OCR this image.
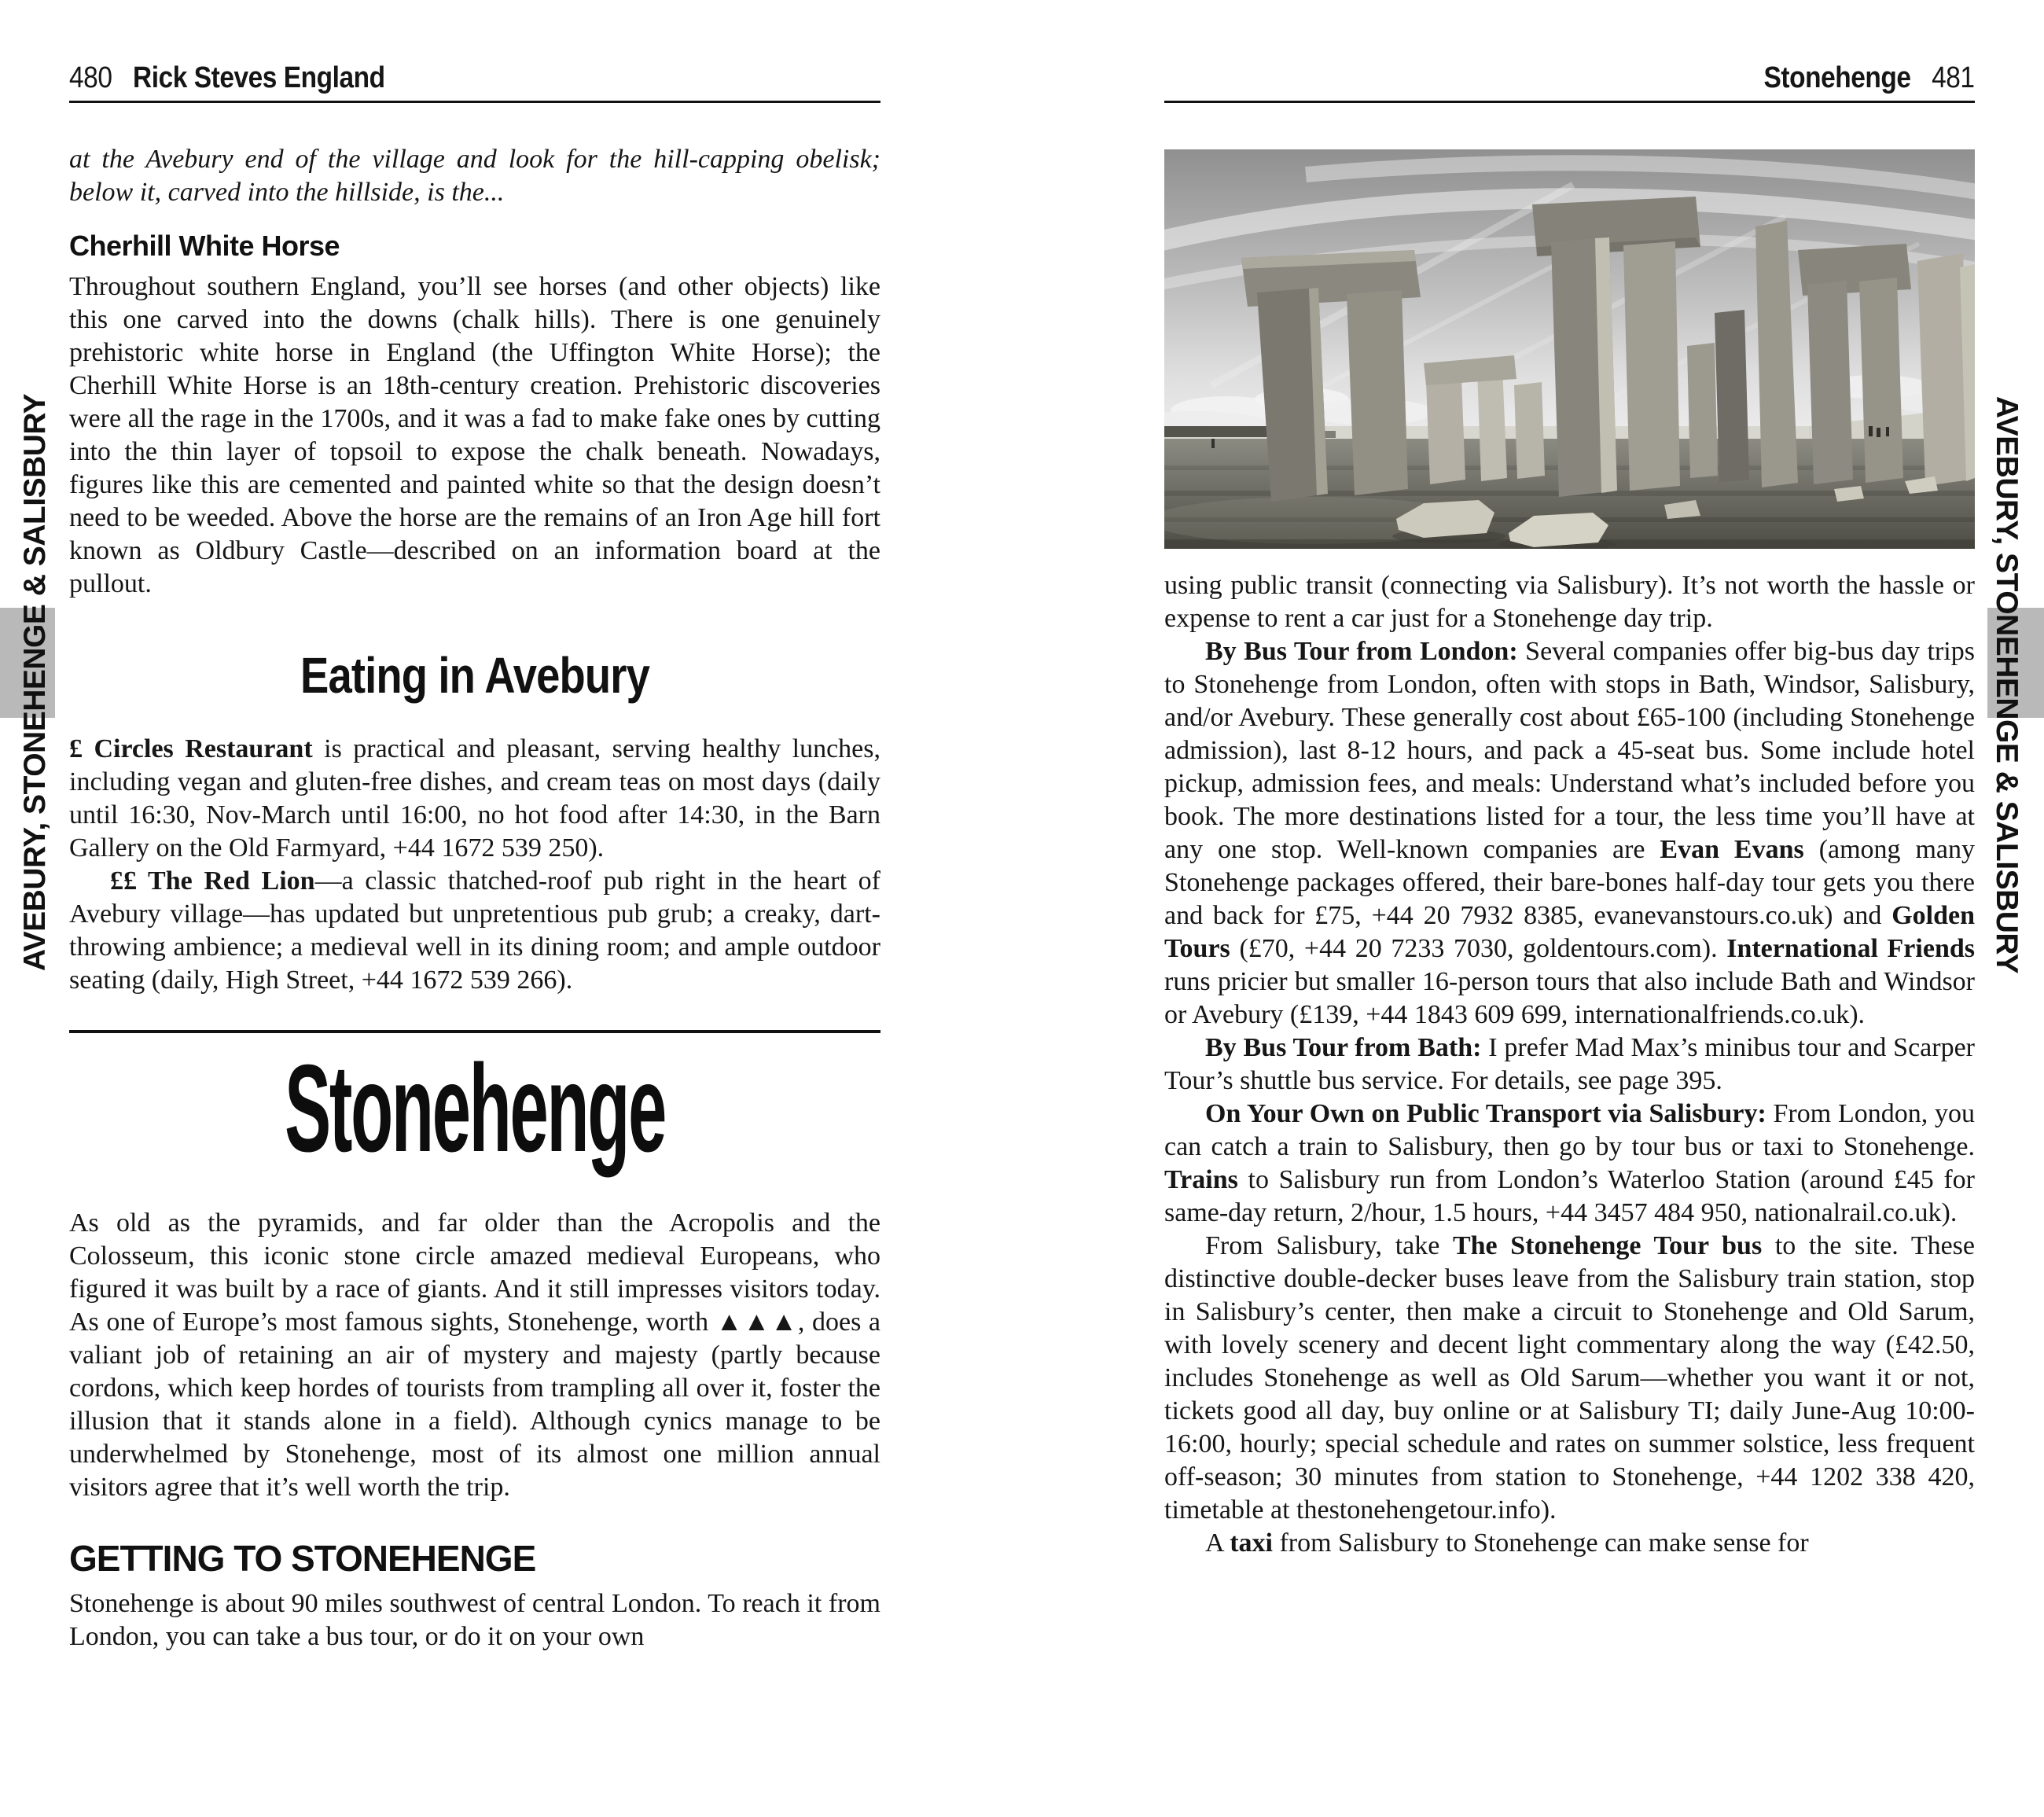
AVEBURY, STONEHENGE & SALISBURY	AVEBURY, STONEHENGE & SALISBURY
480 Rick Steves England	Stonehenge 481

at the Avebury end of the village and look for the hill-capping obelisk; below it, carved into the hillside, is the...

Cherhill White Horse

Throughout southern England, you’ll see horses (and other objects) like this one carved into the downs (chalk hills). There is one genuinely prehistoric white horse in England (the Uffington White Horse); the Cherhill White Horse is an 18th-century creation. Prehistoric discoveries were all the rage in the 1700s, and it was a fad to make fake ones by cutting into the thin layer of topsoil to expose the chalk beneath. Nowadays, figures like this are cemented and painted white so that the design doesn’t need to be weeded. Above the horse are the remains of an Iron Age hill fort known as Oldbury Castle—described on an information board at the pullout.

Eating in Avebury

£ Circles Restaurant is practical and pleasant, serving healthy lunches, including vegan and gluten-free dishes, and cream teas on most days (daily until 16:30, Nov-March until 16:00, no hot food after 14:30, in the Barn Gallery on the Old Farmyard, +44 1672 539 250).

££ The Red Lion—a classic thatched-roof pub right in the heart of Avebury village—has updated but unpretentious pub grub; a creaky, dart-throwing ambience; a medieval well in its dining room; and ample outdoor seating (daily, High Street, +44 1672 539 266).

Stonehenge

As old as the pyramids, and far older than the Acropolis and the Colosseum, this iconic stone circle amazed medieval Europeans, who figured it was built by a race of giants. And it still impresses visitors today. As one of Europe’s most famous sights, Stonehenge, worth ▲▲▲, does a valiant job of retaining an air of mystery and majesty (partly because cordons, which keep hordes of tourists from trampling all over it, foster the illusion that it stands alone in a field). Although cynics manage to be underwhelmed by Stonehenge, most of its almost one million annual visitors agree that it’s well worth the trip.

GETTING TO STONEHENGE

Stonehenge is about 90 miles southwest of central London. To reach it from London, you can take a bus tour, or do it on your own

using public transit (connecting via Salisbury). It’s not worth the hassle or expense to rent a car just for a Stonehenge day trip.

By Bus Tour from London: Several companies offer big-bus day trips to Stonehenge from London, often with stops in Bath, Windsor, Salisbury, and/or Avebury. These generally cost about £65-100 (including Stonehenge admission), last 8-12 hours, and pack a 45-seat bus. Some include hotel pickup, admission fees, and meals: Understand what’s included before you book. The more destinations listed for a tour, the less time you’ll have at any one stop. Well-known companies are Evan Evans (among many Stonehenge packages offered, their bare-bones half-day tour gets you there and back for £75, +44 20 7932 8385, evanevanstours.co.uk) and Golden Tours (£70, +44 20 7233 7030, goldentours.com). International Friends runs pricier but smaller 16-person tours that also include Bath and Windsor or Avebury (£139, +44 1843 609 699, internationalfriends.co.uk).

By Bus Tour from Bath: I prefer Mad Max’s minibus tour and Scarper Tour’s shuttle bus service. For details, see page 395.

On Your Own on Public Transport via Salisbury: From London, you can catch a train to Salisbury, then go by tour bus or taxi to Stonehenge. Trains to Salisbury run from London’s Waterloo Station (around £45 for same-day return, 2/hour, 1.5 hours, +44 3457 484 950, nationalrail.co.uk).

From Salisbury, take The Stonehenge Tour bus to the site. These distinctive double-decker buses leave from the Salisbury train station, stop in Salisbury’s center, then make a circuit to Stonehenge and Old Sarum, with lovely scenery and decent light commentary along the way (£42.50, includes Stonehenge as well as Old Sarum—whether you want it or not, tickets good all day, buy online or at Salisbury TI; daily June-Aug 10:00-16:00, hourly; special schedule and rates on summer solstice, less frequent off-season; 30 minutes from station to Stonehenge, +44 1202 338 420, timetable at thestonehengetour.info).

A taxi from Salisbury to Stonehenge can make sense for
